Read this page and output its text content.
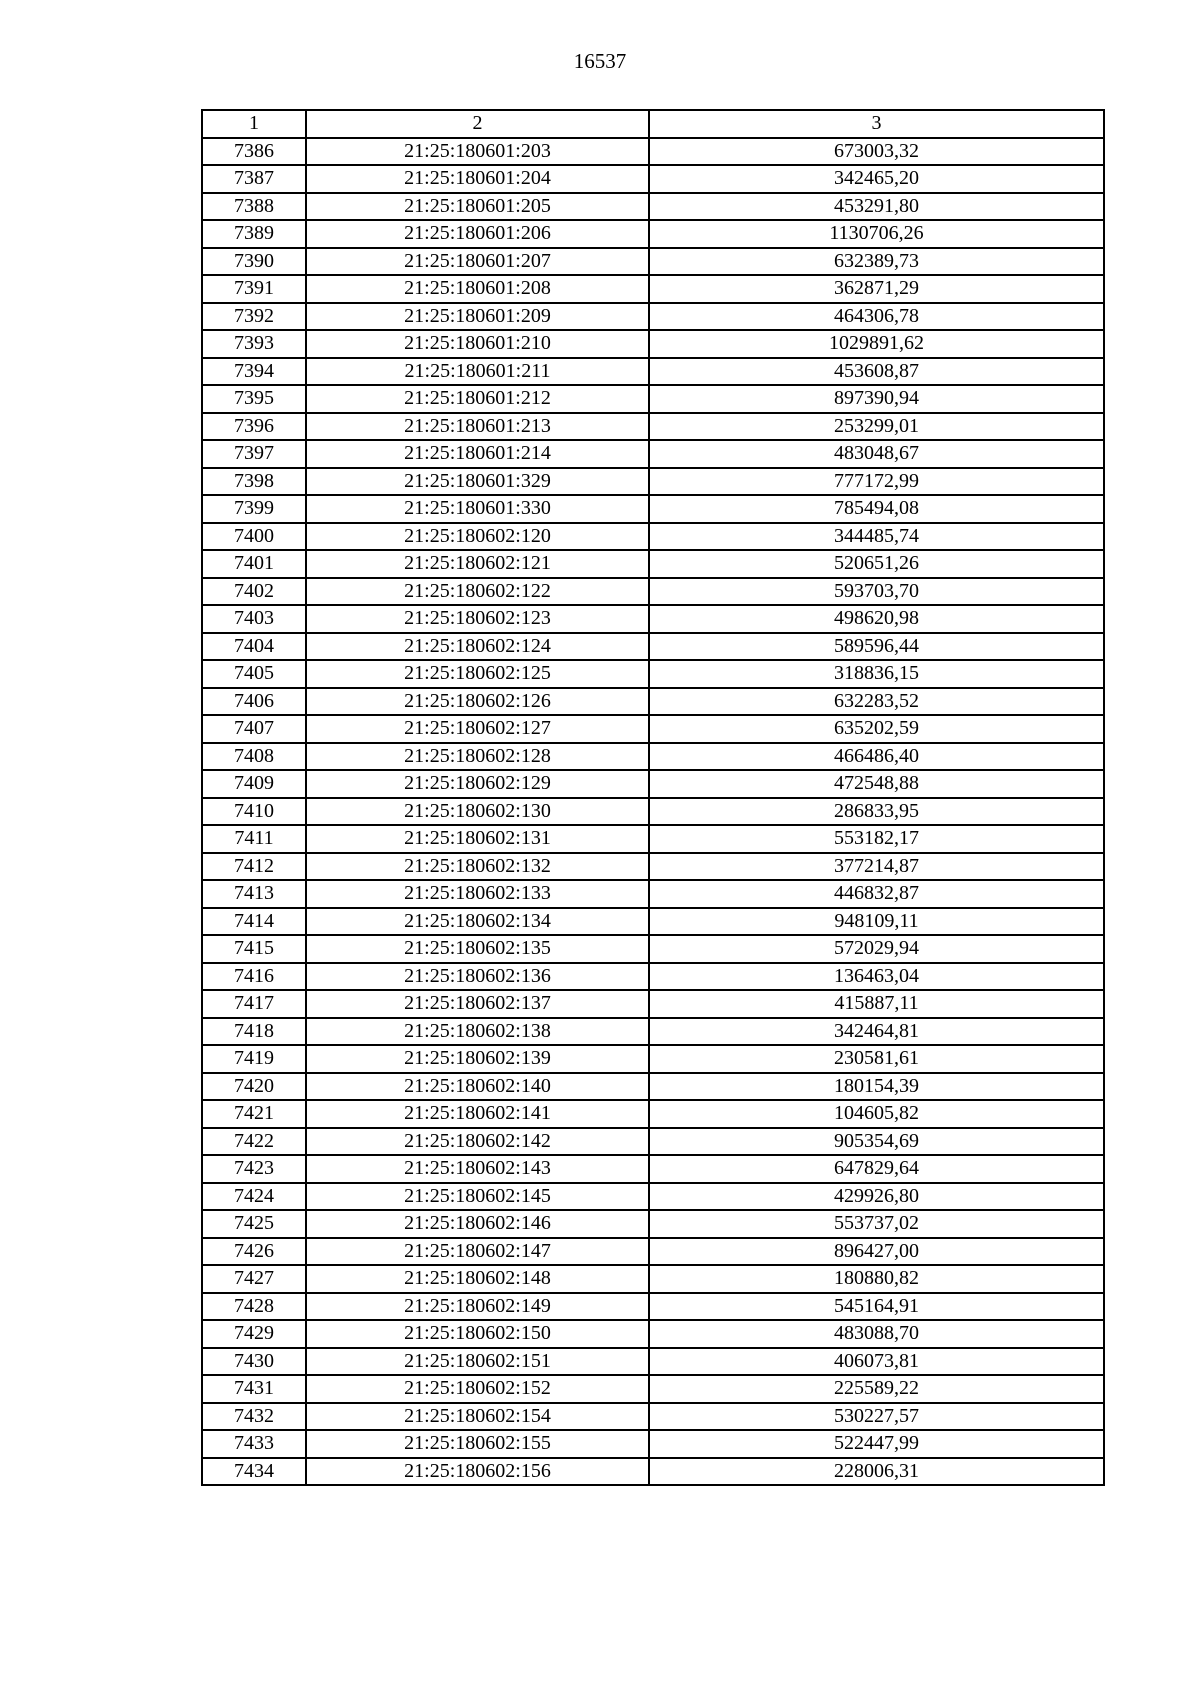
16537
1	2	3
7386	21:25:180601:203	673003,32
7387	21:25:180601:204	342465,20
7388	21:25:180601:205	453291,80
7389	21:25:180601:206	1130706,26
7390	21:25:180601:207	632389,73
7391	21:25:180601:208	362871,29
7392	21:25:180601:209	464306,78
7393	21:25:180601:210	1029891,62
7394	21:25:180601:211	453608,87
7395	21:25:180601:212	897390,94
7396	21:25:180601:213	253299,01
7397	21:25:180601:214	483048,67
7398	21:25:180601:329	777172,99
7399	21:25:180601:330	785494,08
7400	21:25:180602:120	344485,74
7401	21:25:180602:121	520651,26
7402	21:25:180602:122	593703,70
7403	21:25:180602:123	498620,98
7404	21:25:180602:124	589596,44
7405	21:25:180602:125	318836,15
7406	21:25:180602:126	632283,52
7407	21:25:180602:127	635202,59
7408	21:25:180602:128	466486,40
7409	21:25:180602:129	472548,88
7410	21:25:180602:130	286833,95
7411	21:25:180602:131	553182,17
7412	21:25:180602:132	377214,87
7413	21:25:180602:133	446832,87
7414	21:25:180602:134	948109,11
7415	21:25:180602:135	572029,94
7416	21:25:180602:136	136463,04
7417	21:25:180602:137	415887,11
7418	21:25:180602:138	342464,81
7419	21:25:180602:139	230581,61
7420	21:25:180602:140	180154,39
7421	21:25:180602:141	104605,82
7422	21:25:180602:142	905354,69
7423	21:25:180602:143	647829,64
7424	21:25:180602:145	429926,80
7425	21:25:180602:146	553737,02
7426	21:25:180602:147	896427,00
7427	21:25:180602:148	180880,82
7428	21:25:180602:149	545164,91
7429	21:25:180602:150	483088,70
7430	21:25:180602:151	406073,81
7431	21:25:180602:152	225589,22
7432	21:25:180602:154	530227,57
7433	21:25:180602:155	522447,99
7434	21:25:180602:156	228006,31
